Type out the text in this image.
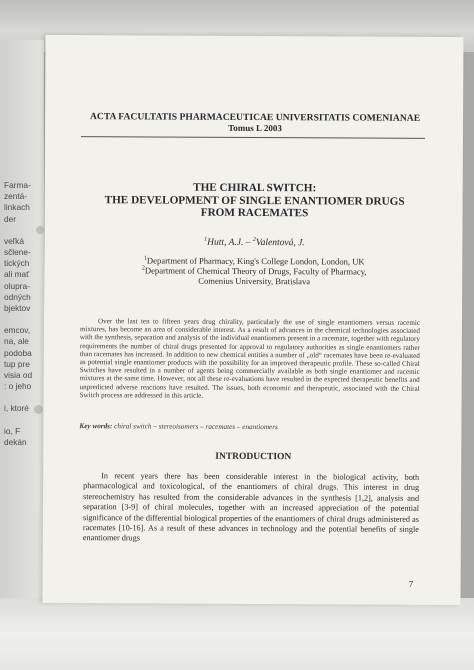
Farma-
zentá-
linkach
der
veľká
sčlene-
tických
ali mať
olupra-
odných
bjektov
emcov,
na, ale
podoba
tup pre
visia od
: o jeho
i, ktoré
io, F
dekán
ACTA FACULTATIS PHARMACEUTICAE UNIVERSITATIS COMENIANAE
Tomus L 2003
THE CHIRAL SWITCH:
THE DEVELOPMENT OF SINGLE ENANTIOMER DRUGS
FROM RACEMATES
$^1$Hutt, A.J. – $^2$Valentová, J.
$^1$Department of Pharmacy, King's College London, London, UK
$^2$Department of Chemical Theory of Drugs, Faculty of Pharmacy,
Comenius University, Bratislava
Over the last ten to fifteen years drug chirality, particularly the use of single enantiomers versus racemic mixtures, has become an area of considerable interest. As a result of advances in the chemical technologies associated with the synthesis, separation and analysis of the individual enantiomers present in a racemate, together with regulatory requirements the number of chiral drugs presented for approval to regulatory authorities as single enantiomers rather than racemates has increased. In addition to new chemical entities a number of „old“ racemates have been re-evaluated as potential single enantiomer products with the possibility for an improved therapeutic profile. These so-called Chiral Switches have resulted in a number of agents being commercially available as both single enantiomer and racemic mixtures at the same time. However, not all these re-evaluations have resulted in the expected therapeutic benefits and unpredicted adverse reactions have resulted. The issues, both economic and therapeutic, associated with the Chiral Switch process are addressed in this article.
Key words: chiral switch – stereoisomers – racemates – enantiomers
INTRODUCTION
In recent years there has been considerable interest in the biological activity, both pharmacological and toxicological, of the enantiomers of chiral drugs. This interest in drug stereochemistry has resulted from the considerable advances in the synthesis [1,2], analysis and separation [3-9] of chiral molecules, together with an increased appreciation of the potential significance of the differential biological properties of the enantiomers of chiral drugs administered as racemates [10-16]. As a result of these advances in technology and the potential benefits of single enantiomer drugs
7
